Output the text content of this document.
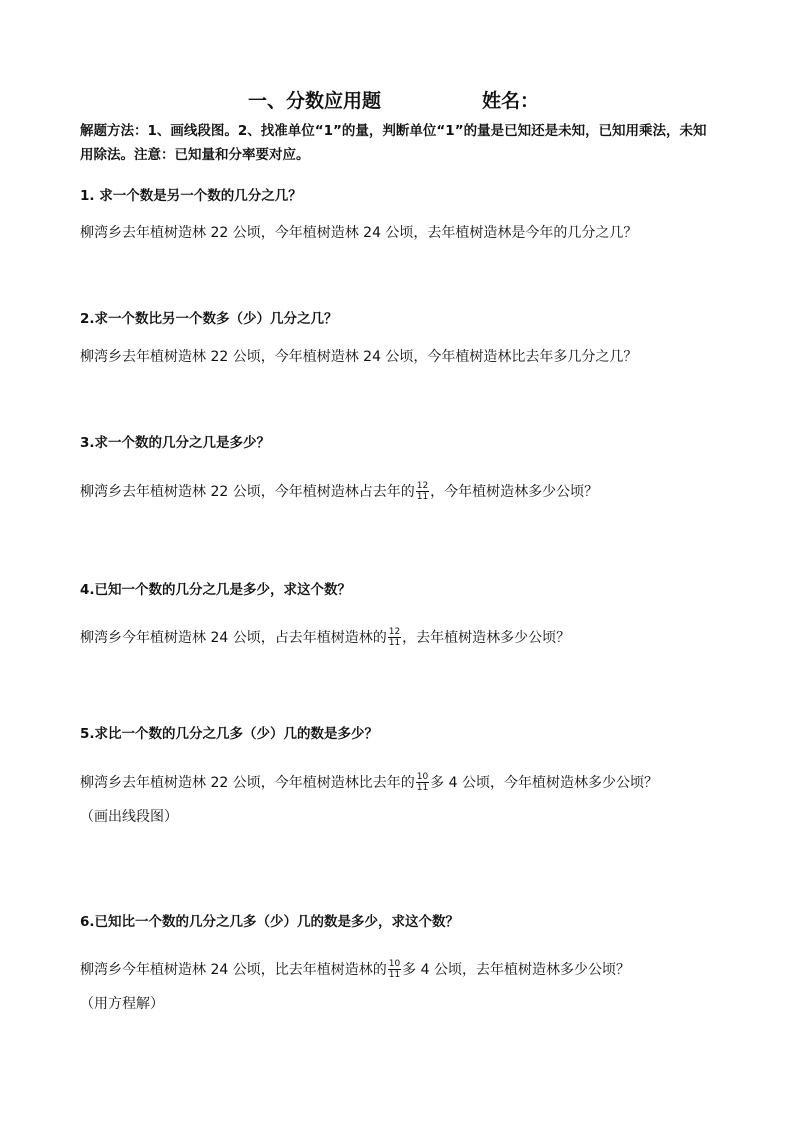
一、分数应用题	姓名：
解题方法：1、画线段图。2、找准单位“1”的量，判断单位“1”的量是已知还是未知，已知用乘法，未知用除法。注意：已知量和分率要对应。
1. 求一个数是另一个数的几分之几？
柳湾乡去年植树造林 22 公顷，今年植树造林 24 公顷，去年植树造林是今年的几分之几？
2.求一个数比另一个数多（少）几分之几？
柳湾乡去年植树造林 22 公顷，今年植树造林 24 公顷，今年植树造林比去年多几分之几？
3.求一个数的几分之几是多少？
柳湾乡去年植树造林 22 公顷，今年植树造林占去年的 $\frac{12}{11}$ ，今年植树造林多少公顷？
4.已知一个数的几分之几是多少，求这个数？
柳湾乡今年植树造林 24 公顷，占去年植树造林的 $\frac{12}{11}$ ，去年植树造林多少公顷？
5.求比一个数的几分之几多（少）几的数是多少？
柳湾乡去年植树造林 22 公顷，今年植树造林比去年的 $\frac{10}{11}$ 多 4 公顷，今年植树造林多少公顷？
（画出线段图）
6.已知比一个数的几分之几多（少）几的数是多少，求这个数？
柳湾乡今年植树造林 24 公顷，比去年植树造林的 $\frac{10}{11}$ 多 4 公顷，去年植树造林多少公顷？
（用方程解）
